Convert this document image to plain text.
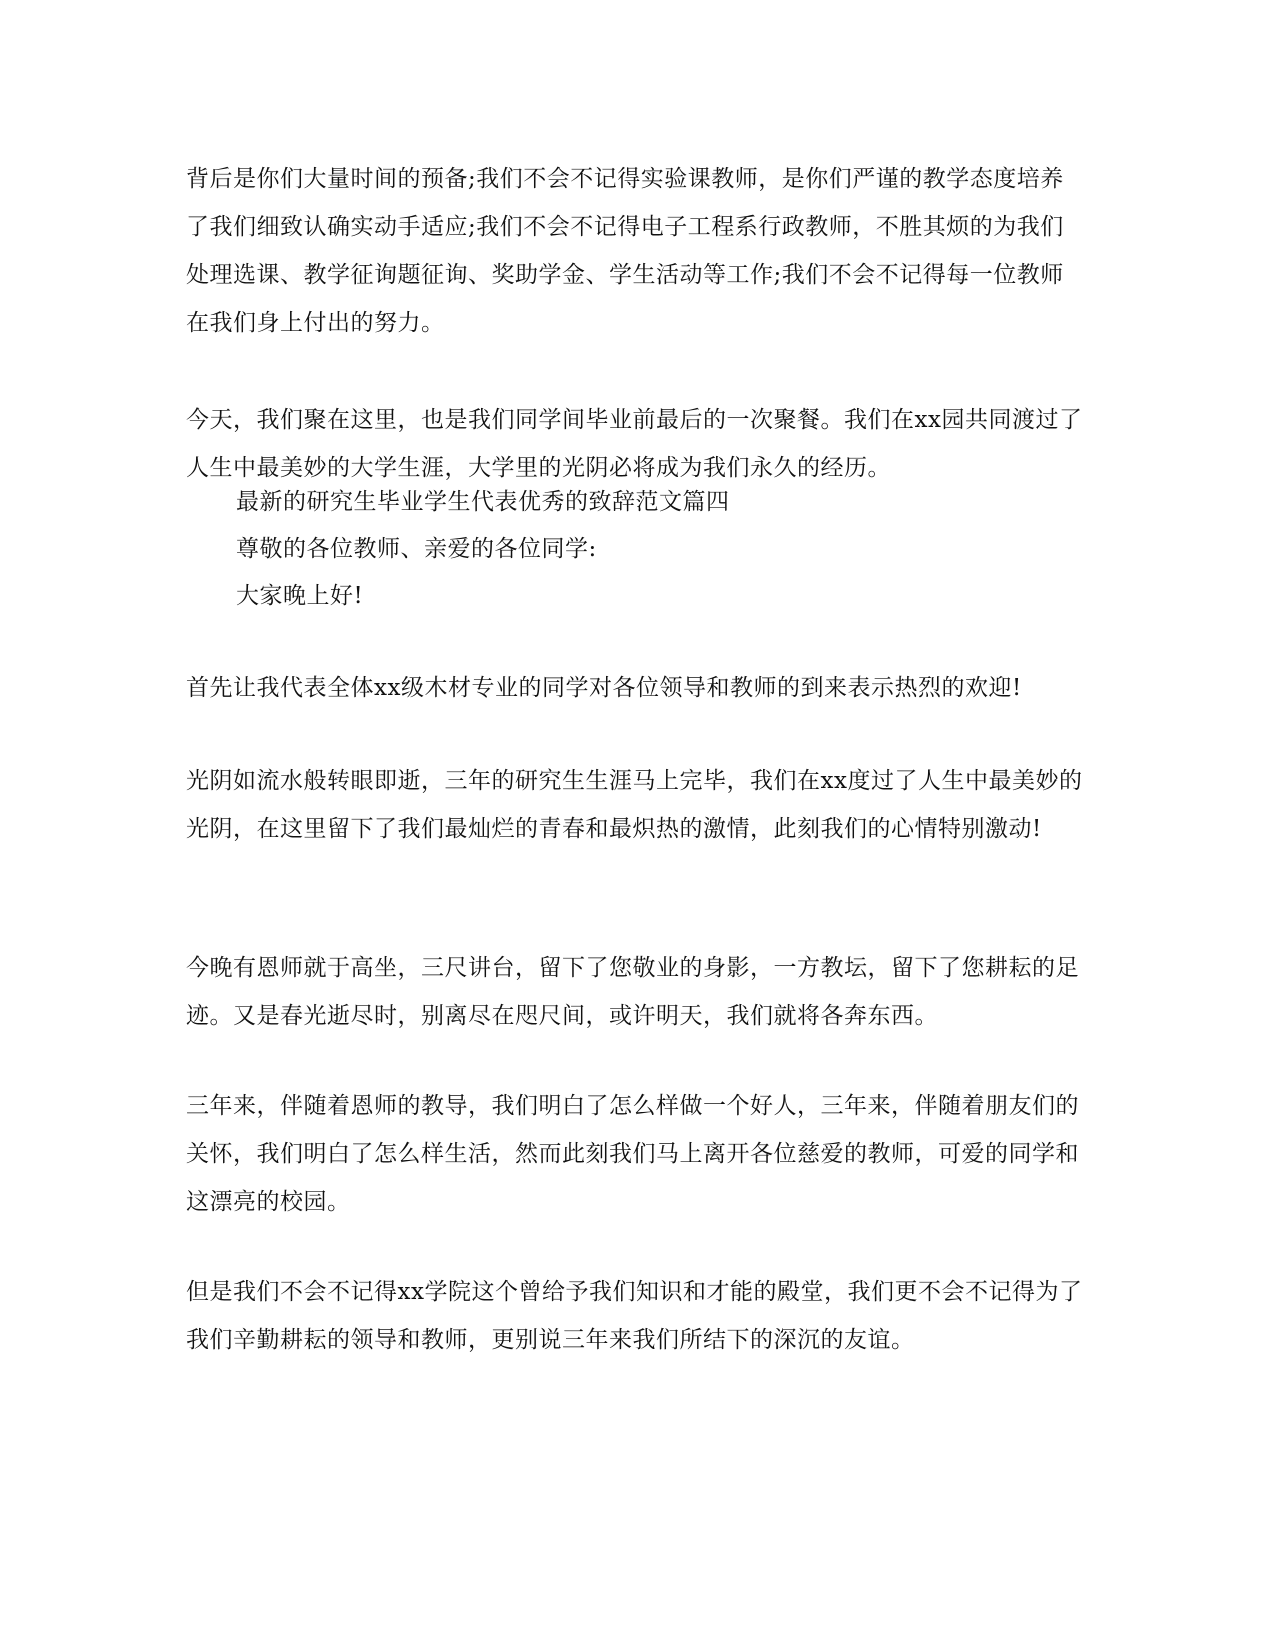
背后是你们大量时间的预备;我们不会不记得实验课教师，是你们严谨的教学态度培养了我们细致认确实动手适应;我们不会不记得电子工程系行政教师，不胜其烦的为我们处理选课、教学征询题征询、奖助学金、学生活动等工作;我们不会不记得每一位教师在我们身上付出的努力。

今天，我们聚在这里，也是我们同学间毕业前最后的一次聚餐。我们在xx园共同渡过了人生中最美妙的大学生涯，大学里的光阴必将成为我们永久的经历。

最新的研究生毕业学生代表优秀的致辞范文篇四

尊敬的各位教师、亲爱的各位同学:

大家晚上好!

首先让我代表全体xx级木材专业的同学对各位领导和教师的到来表示热烈的欢迎!

光阴如流水般转眼即逝，三年的研究生生涯马上完毕，我们在xx度过了人生中最美妙的光阴，在这里留下了我们最灿烂的青春和最炽热的激情，此刻我们的心情特别激动!

今晚有恩师就于高坐，三尺讲台，留下了您敬业的身影，一方教坛，留下了您耕耘的足迹。又是春光逝尽时，别离尽在咫尺间，或许明天，我们就将各奔东西。

三年来，伴随着恩师的教导，我们明白了怎么样做一个好人，三年来，伴随着朋友们的关怀，我们明白了怎么样生活，然而此刻我们马上离开各位慈爱的教师，可爱的同学和这漂亮的校园。

但是我们不会不记得xx学院这个曾给予我们知识和才能的殿堂，我们更不会不记得为了我们辛勤耕耘的领导和教师，更别说三年来我们所结下的深沉的友谊。
